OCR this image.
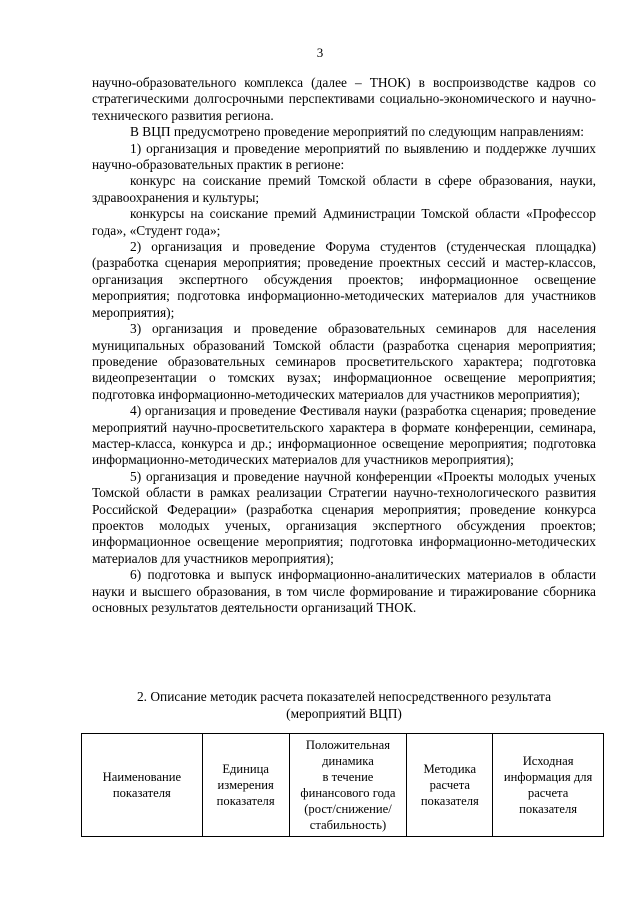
3

научно-образовательного комплекса (далее – ТНОК) в воспроизводстве кадров со стратегическими долгосрочными перспективами социально-экономического и научно-технического развития региона.

В ВЦП предусмотрено проведение мероприятий по следующим направлениям:

1) организация и проведение мероприятий по выявлению и поддержке лучших научно-образовательных практик в регионе:

конкурс на соискание премий Томской области в сфере образования, науки, здравоохранения и культуры;

конкурсы на соискание премий Администрации Томской области «Профессор года», «Студент года»;

2) организация и проведение Форума студентов (студенческая площадка) (разработка сценария мероприятия; проведение проектных сессий и мастер-классов, организация экспертного обсуждения проектов; информационное освещение мероприятия; подготовка информационно-методических материалов для участников мероприятия);

3) организация и проведение образовательных семинаров для населения муниципальных образований Томской области (разработка сценария мероприятия; проведение образовательных семинаров просветительского характера; подготовка видеопрезентации о томских вузах; информационное освещение мероприятия; подготовка информационно-методических материалов для участников мероприятия);

4) организация и проведение Фестиваля науки (разработка сценария; проведение мероприятий научно-просветительского характера в формате конференции, семинара, мастер-класса, конкурса и др.; информационное освещение мероприятия; подготовка информационно-методических материалов для участников мероприятия);

5) организация и проведение научной конференции «Проекты молодых ученых Томской области в рамках реализации Стратегии научно-технологического развития Российской Федерации» (разработка сценария мероприятия; проведение конкурса проектов молодых ученых, организация экспертного обсуждения проектов; информационное освещение мероприятия; подготовка информационно-методических материалов для участников мероприятия);

6) подготовка и выпуск информационно-аналитических материалов в области науки и высшего образования, в том числе формирование и тиражирование сборника основных результатов деятельности организаций ТНОК.

2. Описание методик расчета показателей непосредственного результата
(мероприятий ВЦП)
Наименование
показателя

Единица
измерения
показателя

Положительная
динамика
в течение
финансового года
(рост/снижение/
стабильность)

Методика
расчета
показателя

Исходная
информация для
расчета
показателя
